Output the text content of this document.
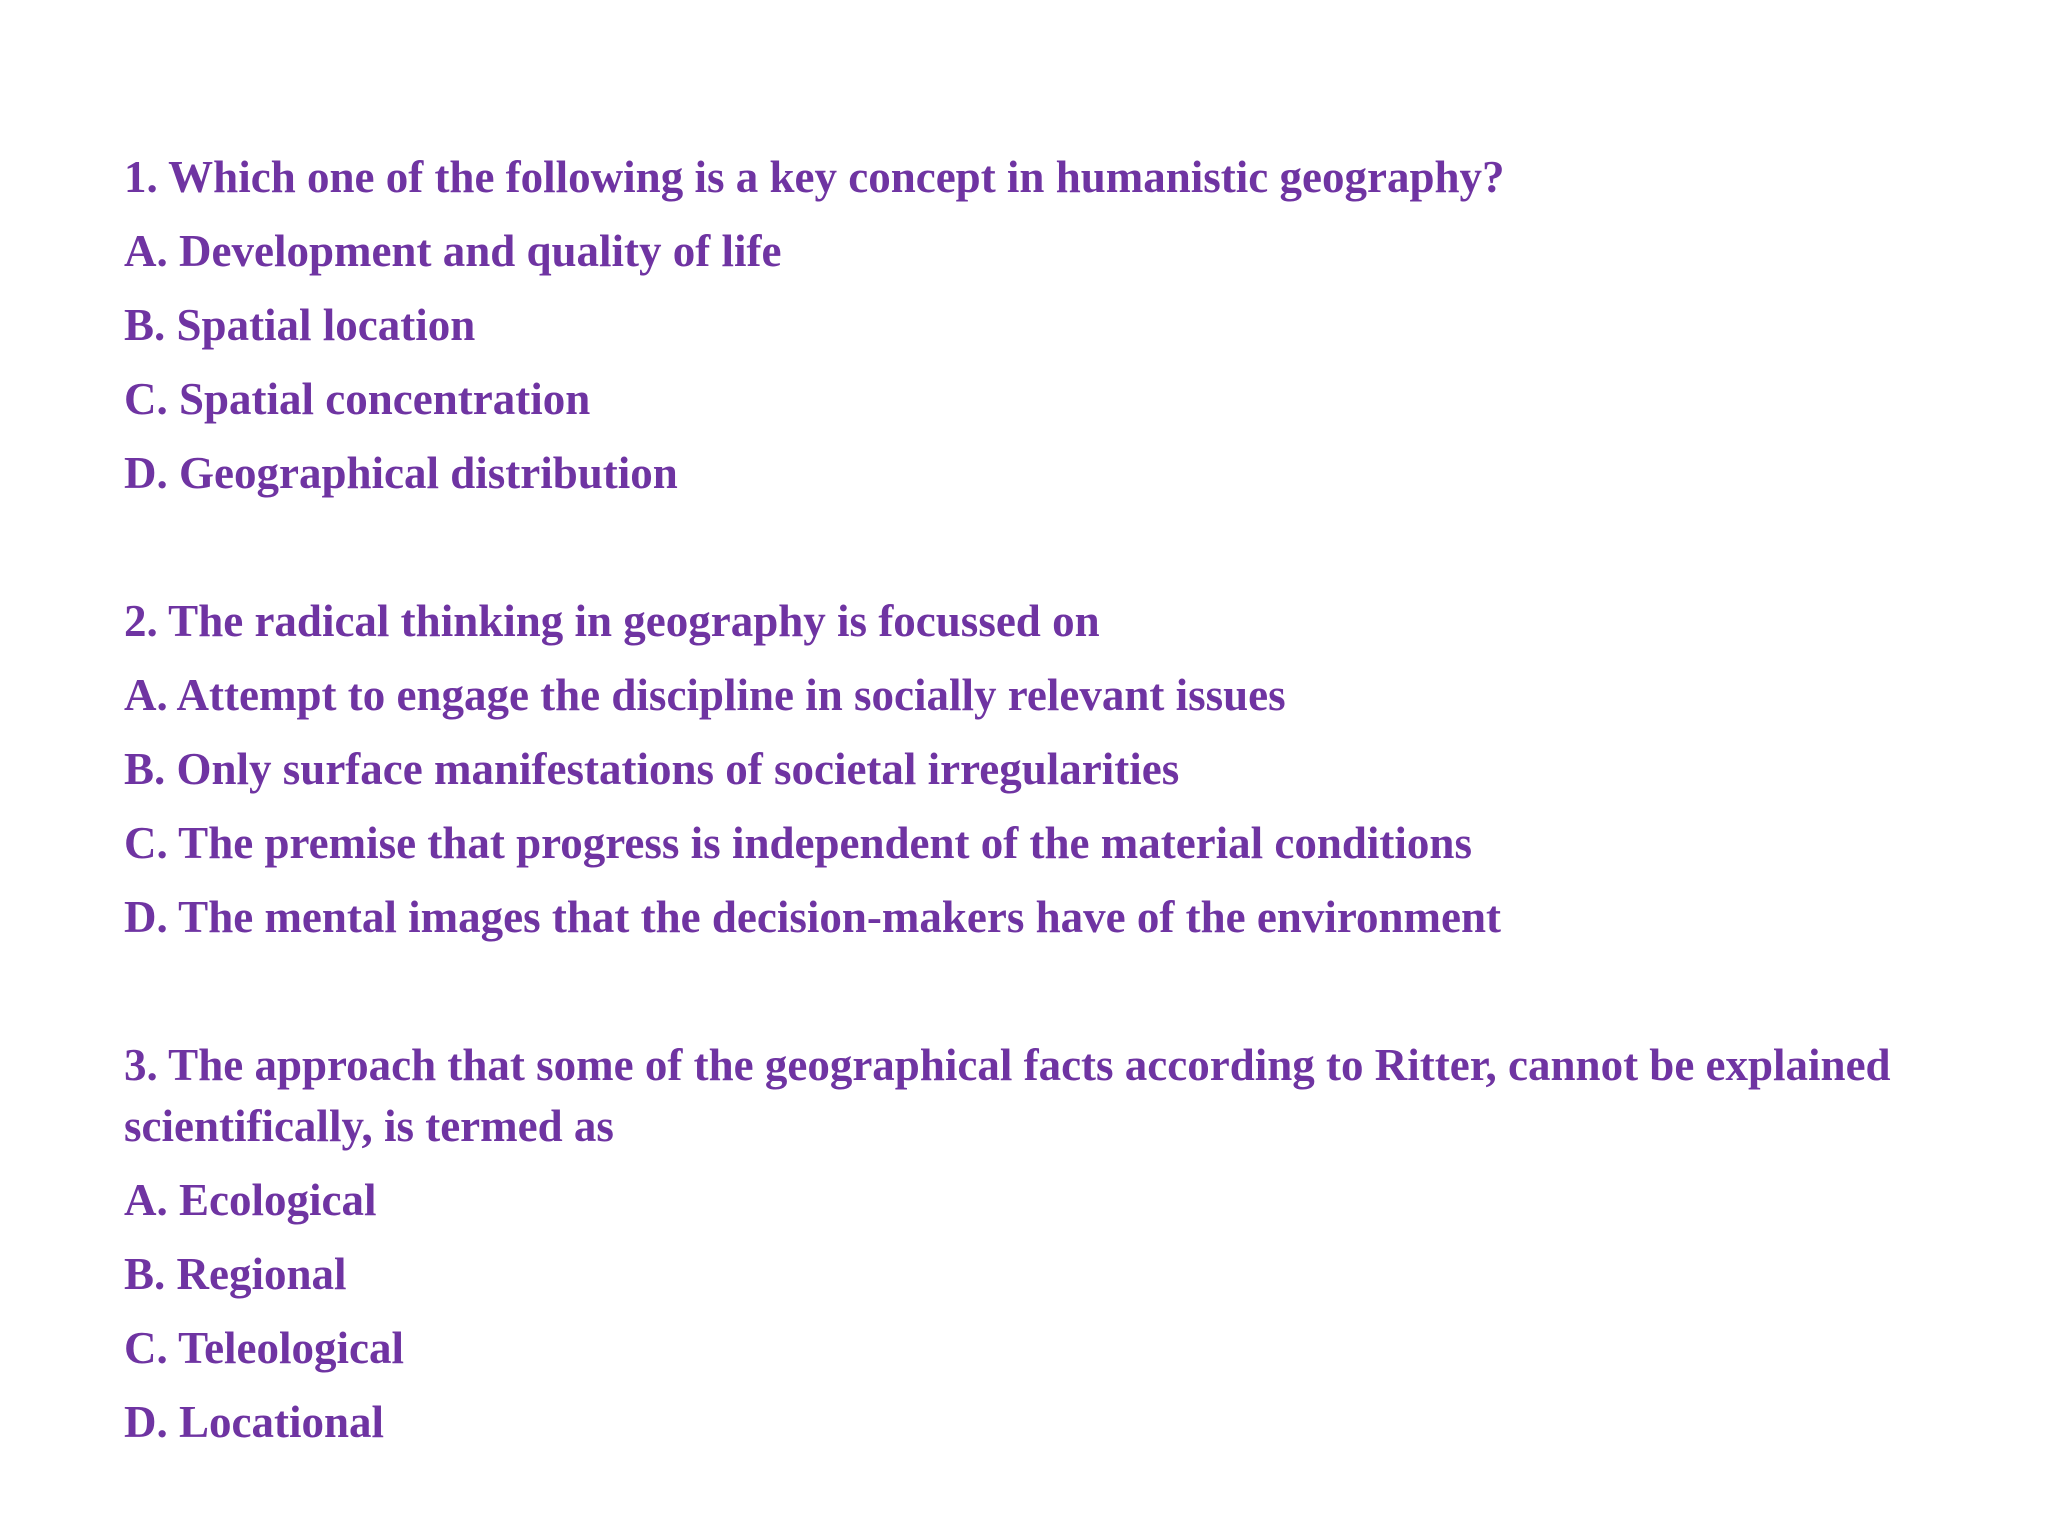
1. Which one of the following is a key concept in humanistic geography?

A. Development and quality of life

B. Spatial location

C. Spatial concentration

D. Geographical distribution

2. The radical thinking in geography is focussed on

A. Attempt to engage the discipline in socially relevant issues

B. Only surface manifestations of societal irregularities

C. The premise that progress is independent of the material conditions

D. The mental images that the decision-makers have of the environment

3. The approach that some of the geographical facts according to Ritter, cannot be explained scientifically, is termed as

A. Ecological

B. Regional

C. Teleological

D. Locational
